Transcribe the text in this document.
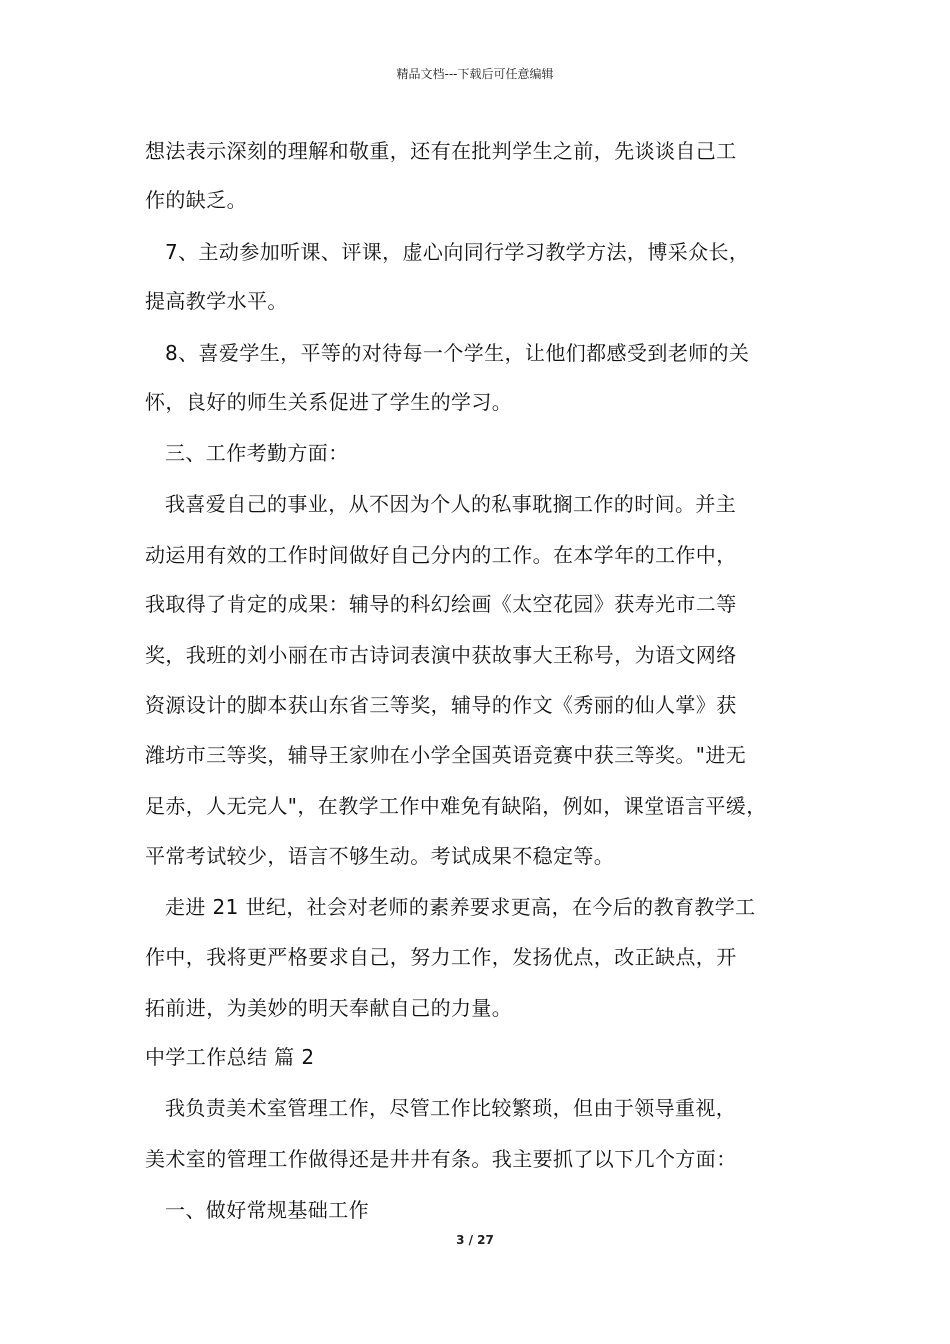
精品文档---下载后可任意编辑
想法表示深刻的理解和敬重，还有在批判学生之前，先谈谈自己工
作的缺乏。
7、主动参加听课、评课，虚心向同行学习教学方法，博采众长，
提高教学水平。
8、喜爱学生，平等的对待每一个学生，让他们都感受到老师的关
怀，良好的师生关系促进了学生的学习。
三、工作考勤方面：
我喜爱自己的事业，从不因为个人的私事耽搁工作的时间。并主
动运用有效的工作时间做好自己分内的工作。在本学年的工作中，
我取得了肯定的成果：辅导的科幻绘画《太空花园》获寿光市二等
奖，我班的刘小丽在市古诗词表演中获故事大王称号，为语文网络
资源设计的脚本获山东省三等奖，辅导的作文《秀丽的仙人掌》获
潍坊市三等奖，辅导王家帅在小学全国英语竞赛中获三等奖。"进无
足赤，人无完人"，在教学工作中难免有缺陷，例如，课堂语言平缓，
平常考试较少，语言不够生动。考试成果不稳定等。
走进 21 世纪，社会对老师的素养要求更高，在今后的教育教学工
作中，我将更严格要求自己，努力工作，发扬优点，改正缺点，开
拓前进，为美妙的明天奉献自己的力量。
中学工作总结 篇 2
我负责美术室管理工作，尽管工作比较繁琐，但由于领导重视，
美术室的管理工作做得还是井井有条。我主要抓了以下几个方面：
一、做好常规基础工作
3 / 27
